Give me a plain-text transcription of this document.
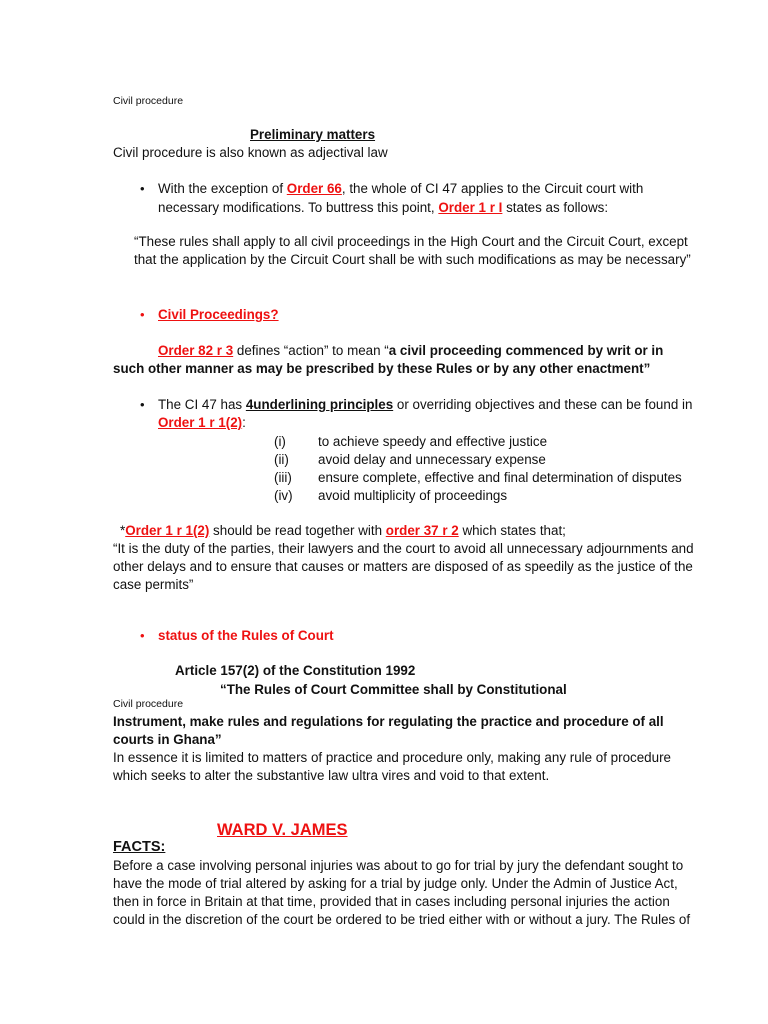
Civil procedure
Preliminary matters
Civil procedure is also known as adjectival law
• With the exception of Order 66, the whole of CI 47 applies to the Circuit court with
necessary modifications. To buttress this point, Order 1 r I states as follows:
“These rules shall apply to all civil proceedings in the High Court and the Circuit Court, except
that the application by the Circuit Court shall be with such modifications as may be necessary”
• Civil Proceedings?
Order 82 r 3 defines “action” to mean “a civil proceeding commenced by writ or in
such other manner as may be prescribed by these Rules or by any other enactment”
• The CI 47 has 4underlining principles or overriding objectives and these can be found in
Order 1 r 1(2):
(i) to achieve speedy and effective justice
(ii) avoid delay and unnecessary expense
(iii) ensure complete, effective and final determination of disputes
(iv) avoid multiplicity of proceedings
*Order 1 r 1(2) should be read together with order 37 r 2 which states that;
“It is the duty of the parties, their lawyers and the court to avoid all unnecessary adjournments and
other delays and to ensure that causes or matters are disposed of as speedily as the justice of the
case permits”
• status of the Rules of Court
Article 157(2) of the Constitution 1992
“The Rules of Court Committee shall by Constitutional
Civil procedure
Instrument, make rules and regulations for regulating the practice and procedure of all
courts in Ghana”
In essence it is limited to matters of practice and procedure only, making any rule of procedure
which seeks to alter the substantive law ultra vires and void to that extent.
WARD V. JAMES
FACTS:
Before a case involving personal injuries was about to go for trial by jury the defendant sought to
have the mode of trial altered by asking for a trial by judge only. Under the Admin of Justice Act,
then in force in Britain at that time, provided that in cases including personal injuries the action
could in the discretion of the court be ordered to be tried either with or without a jury. The Rules of
